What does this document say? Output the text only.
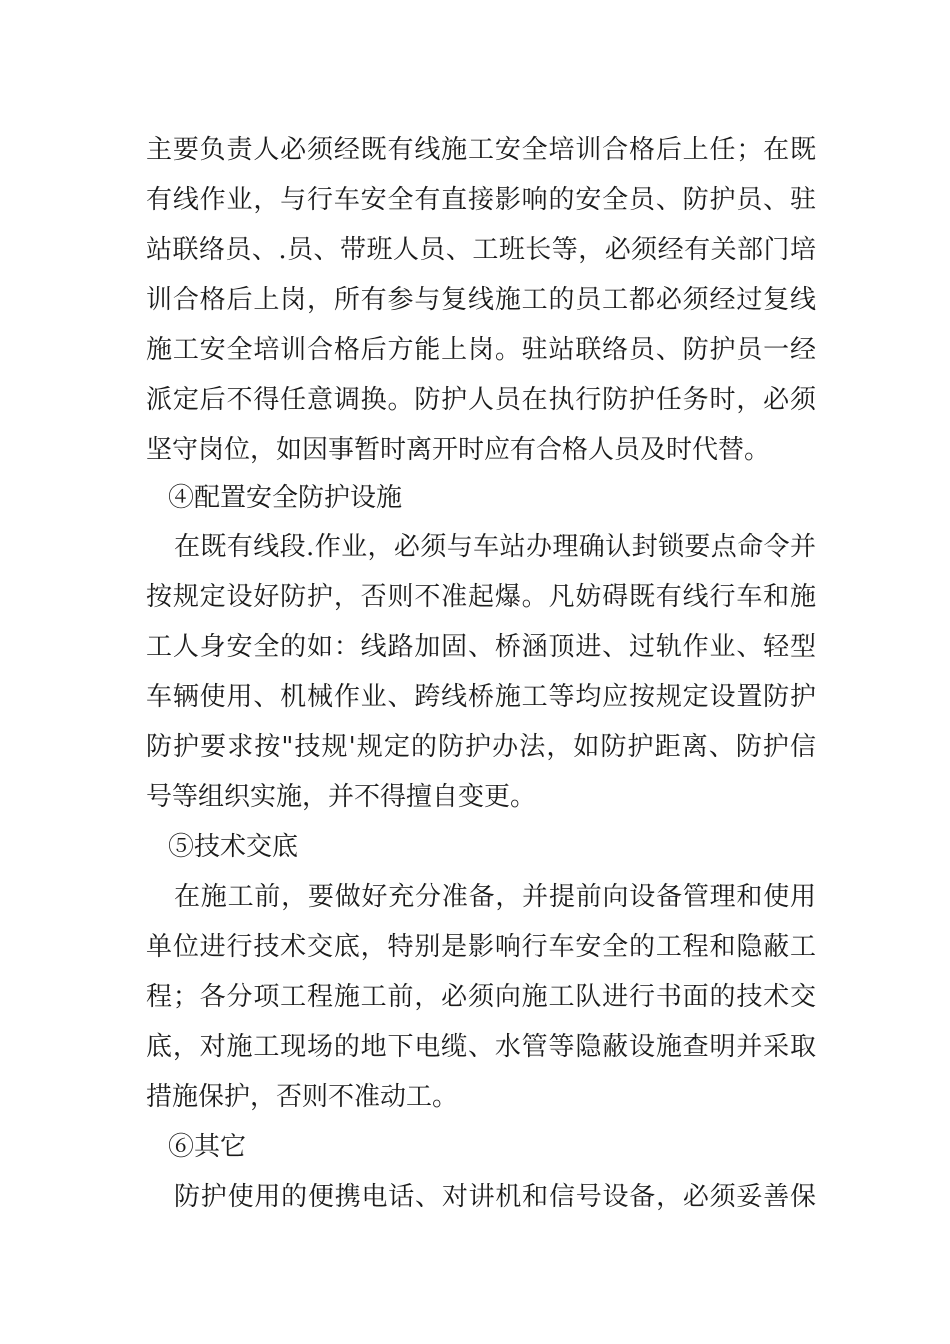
主要负责人必须经既有线施工安全培训合格后上任；在既
有线作业，与行车安全有直接影响的安全员、防护员、驻
站联络员、.员、带班人员、工班长等，必须经有关部门培
训合格后上岗，所有参与复线施工的员工都必须经过复线
施工安全培训合格后方能上岗。驻站联络员、防护员一经
派定后不得任意调换。防护人员在执行防护任务时，必须
坚守岗位，如因事暂时离开时应有合格人员及时代替。
④配置安全防护设施
在既有线段.作业，必须与车站办理确认封锁要点命令并
按规定设好防护，否则不准起爆。凡妨碍既有线行车和施
工人身安全的如：线路加固、桥涵顶进、过轨作业、轻型
车辆使用、机械作业、跨线桥施工等均应按规定设置防护
防护要求按"技规'规定的防护办法，如防护距离、防护信
号等组织实施，并不得擅自变更。
⑤技术交底
在施工前，要做好充分准备，并提前向设备管理和使用
单位进行技术交底，特别是影响行车安全的工程和隐蔽工
程；各分项工程施工前，必须向施工队进行书面的技术交
底，对施工现场的地下电缆、水管等隐蔽设施查明并采取
措施保护，否则不准动工。
⑥其它
防护使用的便携电话、对讲机和信号设备，必须妥善保
